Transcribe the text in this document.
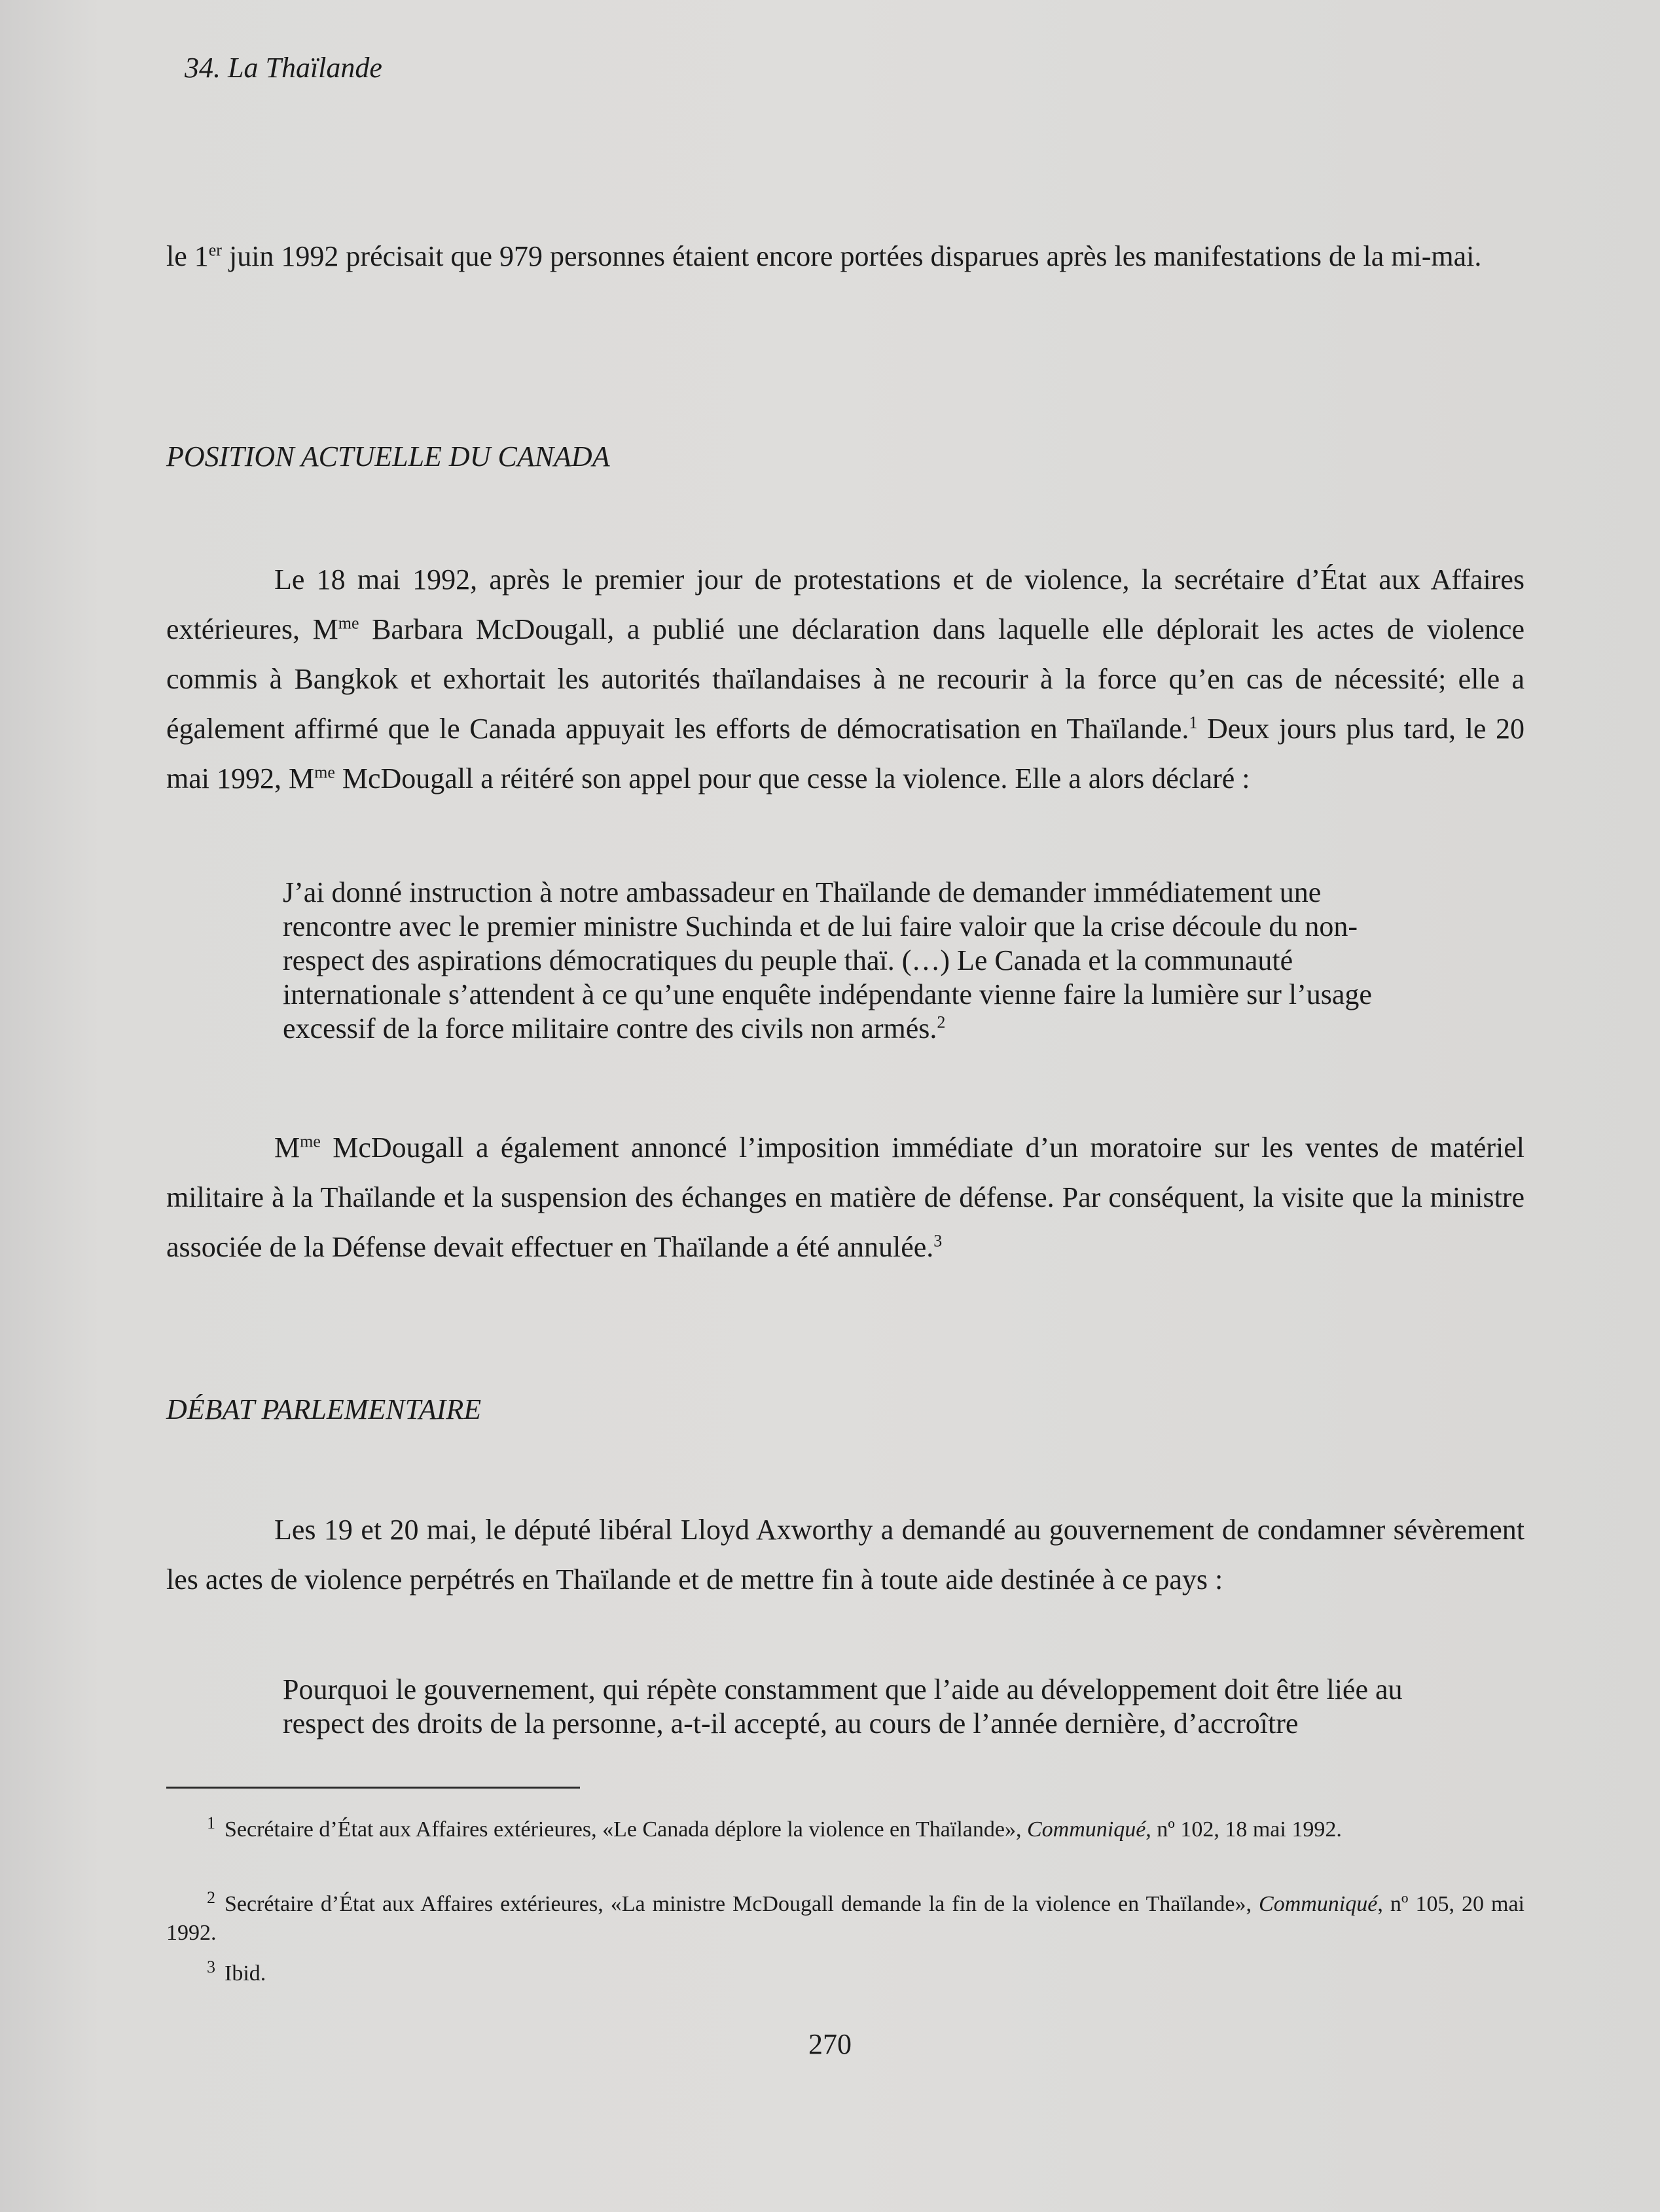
34. La Thaïlande

le 1er juin 1992 précisait que 979 personnes étaient encore portées disparues après les manifestations de la mi-mai.

POSITION ACTUELLE DU CANADA

Le 18 mai 1992, après le premier jour de protestations et de violence, la secrétaire d’État aux Affaires extérieures, $M^{me}$ Barbara McDougall, a publié une déclaration dans laquelle elle déplorait les actes de violence commis à Bangkok et exhortait les autorités thaïlandaises à ne recourir à la force qu’en cas de nécessité; elle a également affirmé que le Canada appuyait les efforts de démocratisation en Thaïlande.$^1$ Deux jours plus tard, le 20 mai 1992, $M^{me}$ McDougall a réitéré son appel pour que cesse la violence. Elle a alors déclaré :

J’ai donné instruction à notre ambassadeur en Thaïlande de demander immédiatement une rencontre avec le premier ministre Suchinda et de lui faire valoir que la crise découle du non-respect des aspirations démocratiques du peuple thaï. (…) Le Canada et la communauté internationale s’attendent à ce qu’une enquête indépendante vienne faire la lumière sur l’usage excessif de la force militaire contre des civils non armés.$^2$

$M^{me}$ McDougall a également annoncé l’imposition immédiate d’un moratoire sur les ventes de matériel militaire à la Thaïlande et la suspension des échanges en matière de défense. Par conséquent, la visite que la ministre associée de la Défense devait effectuer en Thaïlande a été annulée.$^3$

DÉBAT PARLEMENTAIRE

Les 19 et 20 mai, le député libéral Lloyd Axworthy a demandé au gouvernement de condamner sévèrement les actes de violence perpétrés en Thaïlande et de mettre fin à toute aide destinée à ce pays :

Pourquoi le gouvernement, qui répète constamment que l’aide au développement doit être liée au respect des droits de la personne, a-t-il accepté, au cours de l’année dernière, d’accroître

1 Secrétaire d’État aux Affaires extérieures, «Le Canada déplore la violence en Thaïlande», Communiqué, nº 102, 18 mai 1992.
2 Secrétaire d’État aux Affaires extérieures, «La ministre McDougall demande la fin de la violence en Thaïlande», Communiqué, nº 105, 20 mai 1992.
3 Ibid.
270
